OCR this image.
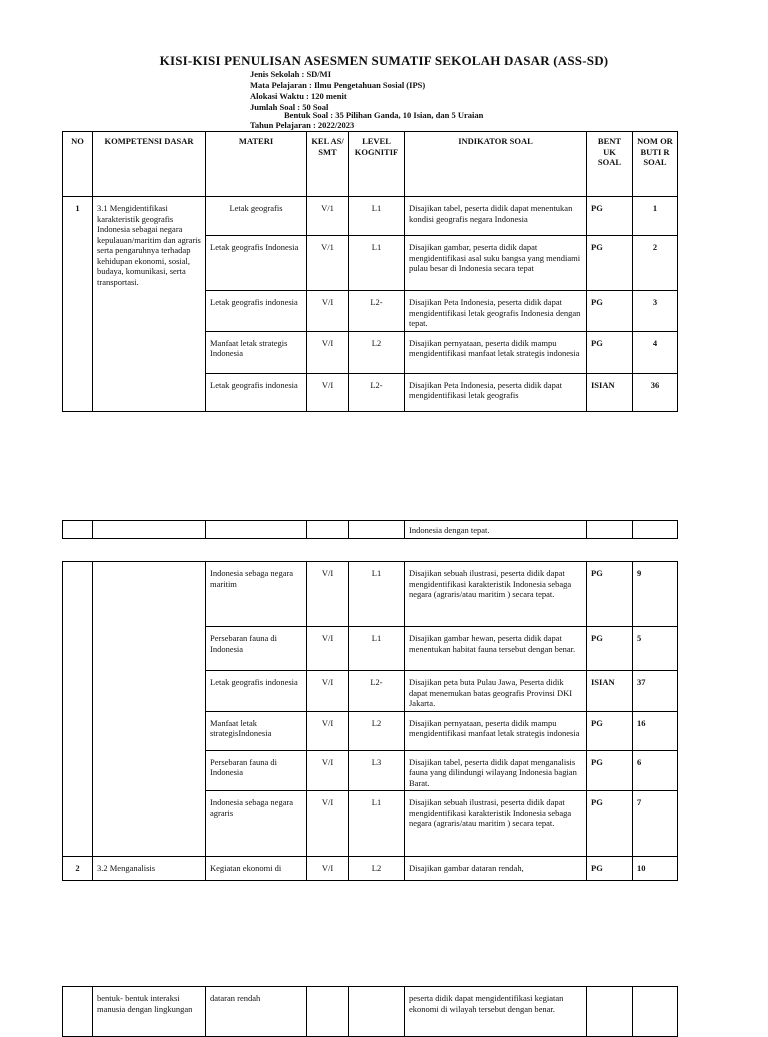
KISI-KISI PENULISAN ASESMEN SUMATIF SEKOLAH DASAR (ASS-SD)
Jenis Sekolah : SD/MI
Mata Pelajaran : Ilmu Pengetahuan Sosial (IPS)
Alokasi Waktu : 120 menit
Jumlah Soal : 50 Soal
Bentuk Soal : 35 Pilihan Ganda, 10 Isian, dan 5 Uraian
Tahun Pelajaran : 2022/2023
NO	KOMPETENSI DASAR	MATERI	KEL AS/ SMT	LEVEL KOGNITIF	INDIKATOR SOAL	BENT UK SOAL	NOM OR BUTI R SOAL
1	3.1 Mengidentifikasi karakteristik geografis Indonesia sebagai negara kepulauan/maritim dan agraris serta pengaruhnya terhadap kehidupan ekonomi, sosial, budaya, komunikasi, serta transportasi.	Letak geografis	V/1	L1	Disajikan tabel, peserta didik dapat menentukan kondisi geografis negara Indonesia	PG	1
		Letak geografis Indonesia	V/1	L1	Disajikan gambar, peserta didik dapat mengidentifikasi asal suku bangsa yang mendiami pulau besar di Indonesia secara tepat	PG	2
		Letak geografis indonesia	V/I	L2-	Disajikan Peta Indonesia, peserta didik dapat mengidentifikasi letak geografis Indonesia dengan tepat.	PG	3
		Manfaat letak strategis Indonesia	V/I	L2	Disajikan pernyataan, peserta didik mampu mengidentifikasi manfaat letak strategis indonesia	PG	4
		Letak geografis indonesia	V/I	L2-	Disajikan Peta Indonesia, peserta didik dapat mengidentifikasi letak geografis	ISIAN	36
					Indonesia dengan tepat.		
		Indonesia sebaga negara maritim	V/I	L1	Disajikan sebuah ilustrasi, peserta didik dapat mengidentifikasi karakteristik Indonesia sebaga negara (agraris/atau maritim ) secara tepat.	PG	9
		Persebaran fauna di Indonesia	V/I	L1	Disajikan gambar hewan, peserta didik dapat menentukan habitat fauna tersebut dengan benar.	PG	5
		Letak geografis indonesia	V/I	L2-	Disajikan peta buta Pulau Jawa, Peserta didik dapat menemukan batas geografis Provinsi DKI Jakarta.	ISIAN	37
		Manfaat letak strategisIndonesia	V/I	L2	Disajikan pernyataan, peserta didik mampu mengidentifikasi manfaat letak strategis indonesia	PG	16
		Persebaran fauna di Indonesia	V/I	L3	Disajikan tabel, peserta didik dapat menganalisis fauna yang dilindungi wilayang Indonesia bagian Barat.	PG	6
		Indonesia sebaga negara agraris	V/I	L1	Disajikan sebuah ilustrasi, peserta didik dapat mengidentifikasi karakteristik Indonesia sebaga negara (agraris/atau maritim ) secara tepat.	PG	7
2	3.2 Menganalisis	Kegiatan ekonomi di	V/I	L2	Disajikan gambar dataran rendah,	PG	10
	bentuk- bentuk interaksi manusia dengan lingkungan	dataran rendah			peserta didik dapat mengidentifikasi kegiatan ekonomi di wilayah tersebut dengan benar.		
